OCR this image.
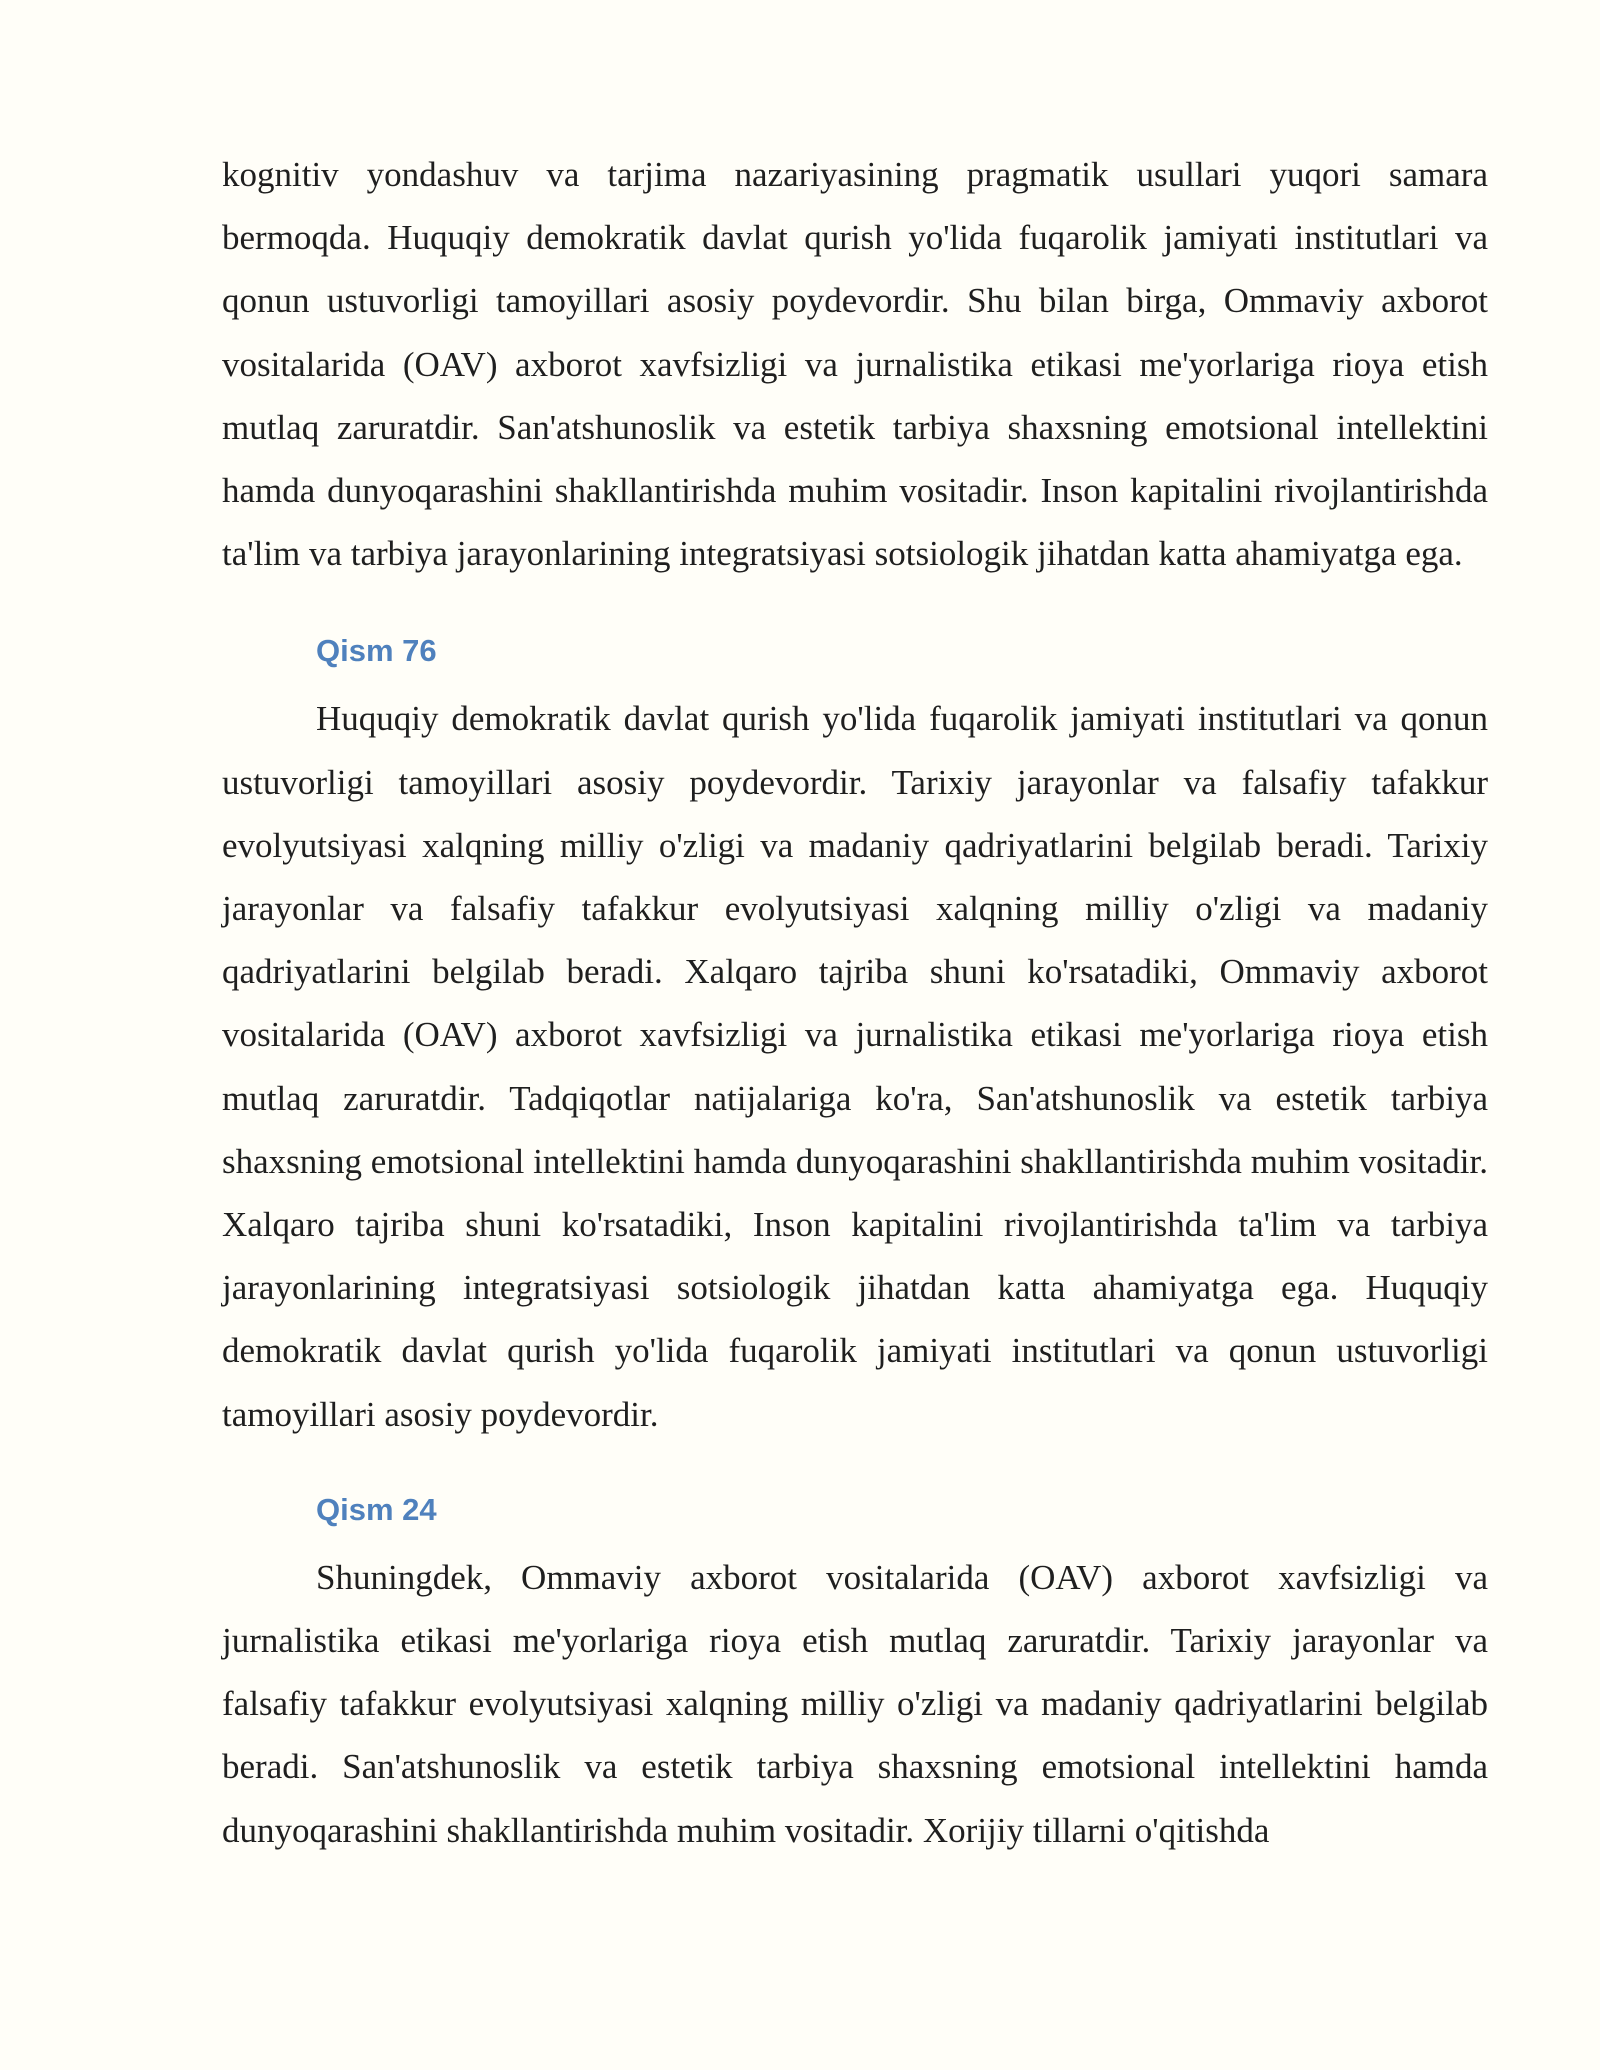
kognitiv yondashuv va tarjima nazariyasining pragmatik usullari yuqori samara bermoqda. Huquqiy demokratik davlat qurish yo'lida fuqarolik jamiyati institutlari va qonun ustuvorligi tamoyillari asosiy poydevordir. Shu bilan birga, Ommaviy axborot vositalarida (OAV) axborot xavfsizligi va jurnalistika etikasi me'yorlariga rioya etish mutlaq zaruratdir. San'atshunoslik va estetik tarbiya shaxsning emotsional intellektini hamda dunyoqarashini shakllantirishda muhim vositadir. Inson kapitalini rivojlantirishda ta'lim va tarbiya jarayonlarining integratsiyasi sotsiologik jihatdan katta ahamiyatga ega.

Qism 76

Huquqiy demokratik davlat qurish yo'lida fuqarolik jamiyati institutlari va qonun ustuvorligi tamoyillari asosiy poydevordir. Tarixiy jarayonlar va falsafiy tafakkur evolyutsiyasi xalqning milliy o'zligi va madaniy qadriyatlarini belgilab beradi. Tarixiy jarayonlar va falsafiy tafakkur evolyutsiyasi xalqning milliy o'zligi va madaniy qadriyatlarini belgilab beradi. Xalqaro tajriba shuni ko'rsatadiki, Ommaviy axborot vositalarida (OAV) axborot xavfsizligi va jurnalistika etikasi me'yorlariga rioya etish mutlaq zaruratdir. Tadqiqotlar natijalariga ko'ra, San'atshunoslik va estetik tarbiya shaxsning emotsional intellektini hamda dunyoqarashini shakllantirishda muhim vositadir. Xalqaro tajriba shuni ko'rsatadiki, Inson kapitalini rivojlantirishda ta'lim va tarbiya jarayonlarining integratsiyasi sotsiologik jihatdan katta ahamiyatga ega. Huquqiy demokratik davlat qurish yo'lida fuqarolik jamiyati institutlari va qonun ustuvorligi tamoyillari asosiy poydevordir.

Qism 24

Shuningdek, Ommaviy axborot vositalarida (OAV) axborot xavfsizligi va jurnalistika etikasi me'yorlariga rioya etish mutlaq zaruratdir. Tarixiy jarayonlar va falsafiy tafakkur evolyutsiyasi xalqning milliy o'zligi va madaniy qadriyatlarini belgilab beradi. San'atshunoslik va estetik tarbiya shaxsning emotsional intellektini hamda dunyoqarashini shakllantirishda muhim vositadir. Xorijiy tillarni o'qitishda
